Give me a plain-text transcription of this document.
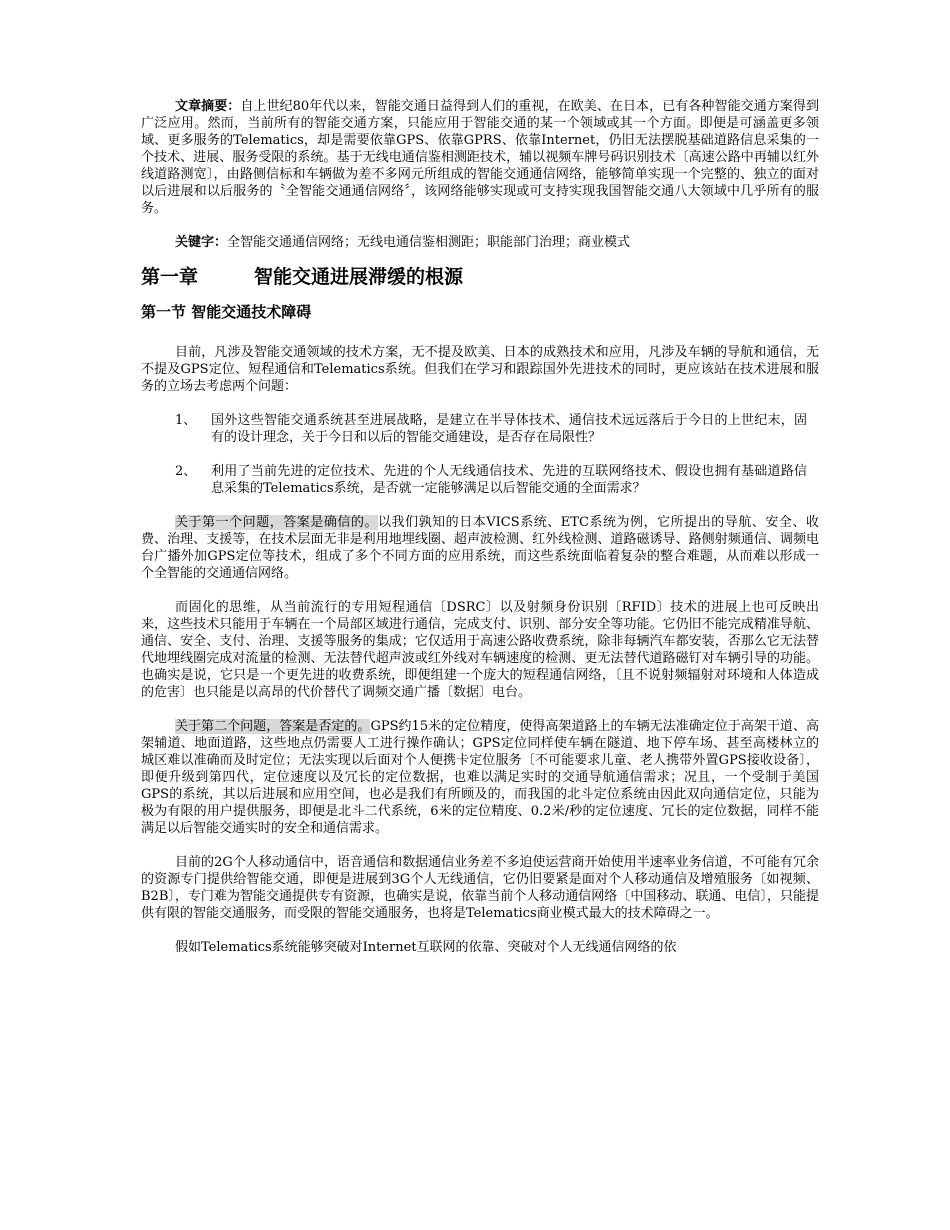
文章摘要：自上世纪80年代以来，智能交通日益得到人们的重视，在欧美、在日本，已有各种智能交通方案得到广泛应用。然而，当前所有的智能交通方案，只能应用于智能交通的某一个领域或其一个方面。即便是可涵盖更多领域、更多服务的Telematics，却是需要依靠GPS、依靠GPRS、依靠Internet，仍旧无法摆脱基础道路信息采集的一个技术、进展、服务受限的系统。基于无线电通信鉴相测距技术，辅以视频车牌号码识别技术〔高速公路中再辅以红外线道路测宽〕，由路侧信标和车辆做为差不多网元所组成的智能交通通信网络，能够简单实现一个完整的、独立的面对以后进展和以后服务的〝全智能交通通信网络〞，该网络能够实现或可支持实现我国智能交通八大领域中几乎所有的服务。

关键字：全智能交通通信网络；无线电通信鉴相测距；职能部门治理；商业模式

第一章	智能交通进展滞缓的根源
第一节 智能交通技术障碍

目前，凡涉及智能交通领域的技术方案，无不提及欧美、日本的成熟技术和应用，凡涉及车辆的导航和通信，无不提及GPS定位、短程通信和Telematics系统。但我们在学习和跟踪国外先进技术的同时，更应该站在技术进展和服务的立场去考虑两个问题：

1、	国外这些智能交通系统甚至进展战略，是建立在半导体技术、通信技术远远落后于今日的上世纪末，固有的设计理念，关于今日和以后的智能交通建设，是否存在局限性？
2、	利用了当前先进的定位技术、先进的个人无线通信技术、先进的互联网络技术、假设也拥有基础道路信息采集的Telematics系统，是否就一定能够满足以后智能交通的全面需求？

关于第一个问题，答案是确信的。以我们孰知的日本VICS系统、ETC系统为例，它所提出的导航、安全、收费、治理、支援等，在技术层面无非是利用地埋线圈、超声波检测、红外线检测、道路磁诱导、路侧射频通信、调频电台广播外加GPS定位等技术，组成了多个不同方面的应用系统，而这些系统面临着复杂的整合难题，从而难以形成一个全智能的交通通信网络。

而固化的思维，从当前流行的专用短程通信〔DSRC〕以及射频身份识别〔RFID〕技术的进展上也可反映出来，这些技术只能用于车辆在一个局部区域进行通信，完成支付、识别、部分安全等功能。它仍旧不能完成精准导航、通信、安全、支付、治理、支援等服务的集成；它仅适用于高速公路收费系统，除非每辆汽车都安装，否那么它无法替代地埋线圈完成对流量的检测、无法替代超声波或红外线对车辆速度的检测、更无法替代道路磁钉对车辆引导的功能。也确实是说，它只是一个更先进的收费系统，即便组建一个庞大的短程通信网络，〔且不说射频辐射对环境和人体造成的危害〕也只能是以高昂的代价替代了调频交通广播〔数据〕电台。

关于第二个问题，答案是否定的。GPS约15米的定位精度，使得高架道路上的车辆无法准确定位于高架干道、高架辅道、地面道路，这些地点仍需要人工进行操作确认；GPS定位同样使车辆在隧道、地下停车场、甚至高楼林立的城区难以准确而及时定位；无法实现以后面对个人便携卡定位服务〔不可能要求儿童、老人携带外置GPS接收设备〕，即便升级到第四代，定位速度以及冗长的定位数据，也难以满足实时的交通导航通信需求；况且，一个受制于美国GPS的系统，其以后进展和应用空间，也必是我们有所顾及的，而我国的北斗定位系统由因此双向通信定位，只能为极为有限的用户提供服务，即便是北斗二代系统，6米的定位精度、0.2米/秒的定位速度、冗长的定位数据，同样不能满足以后智能交通实时的安全和通信需求。

目前的2G个人移动通信中，语音通信和数据通信业务差不多迫使运营商开始使用半速率业务信道，不可能有冗余的资源专门提供给智能交通，即便是进展到3G个人无线通信，它仍旧要紧是面对个人移动通信及增殖服务〔如视频、B2B〕，专门难为智能交通提供专有资源，也确实是说，依靠当前个人移动通信网络〔中国移动、联通、电信〕，只能提供有限的智能交通服务，而受限的智能交通服务，也将是Telematics商业模式最大的技术障碍之一。

假如Telematics系统能够突破对Internet互联网的依靠、突破对个人无线通信网络的依
